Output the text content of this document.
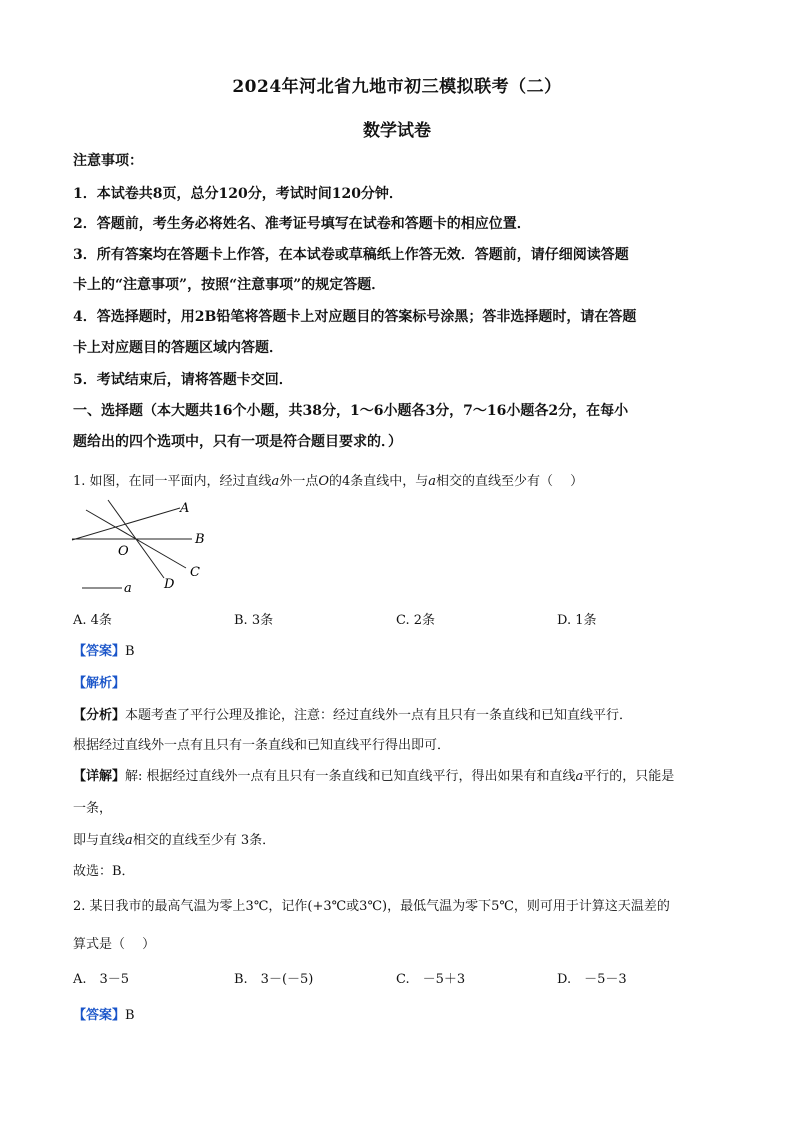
2024年河北省九地市初三模拟联考（二）
数学试卷
注意事项：
1．本试卷共8页，总分120分，考试时间120分钟．
2．答题前，考生务必将姓名、准考证号填写在试卷和答题卡的相应位置．
3．所有答案均在答题卡上作答，在本试卷或草稿纸上作答无效．答题前，请仔细阅读答题
卡上的“注意事项”，按照“注意事项”的规定答题．
4．答选择题时，用2B铅笔将答题卡上对应题目的答案标号涂黑；答非选择题时，请在答题
卡上对应题目的答题区域内答题．
5．考试结束后，请将答题卡交回．
一、选择题（本大题共16个小题，共38分，1～6小题各3分，7～16小题各2分，在每小
题给出的四个选项中，只有一项是符合题目要求的．）
1. 如图，在同一平面内，经过直线a外一点O的4条直线中，与a相交的直线至少有（　 ）
A
B
C
D
O
a
A. 4条	B. 3条	C. 2条	D. 1条
【答案】B
【解析】
【分析】本题考查了平行公理及推论，注意：经过直线外一点有且只有一条直线和已知直线平行．
根据经过直线外一点有且只有一条直线和已知直线平行得出即可．
【详解】解: 根据经过直线外一点有且只有一条直线和已知直线平行，得出如果有和直线a平行的，只能是
一条，
即与直线a相交的直线至少有 3条．
故选：B．
2. 某日我市的最高气温为零上3℃，记作(+3℃或3℃)，最低气温为零下5℃，则可用于计算这天温差的
算式是（　 ）
A.　3－5	B.　3－(－5)	C.　－5＋3	D.　－5－3
【答案】B
